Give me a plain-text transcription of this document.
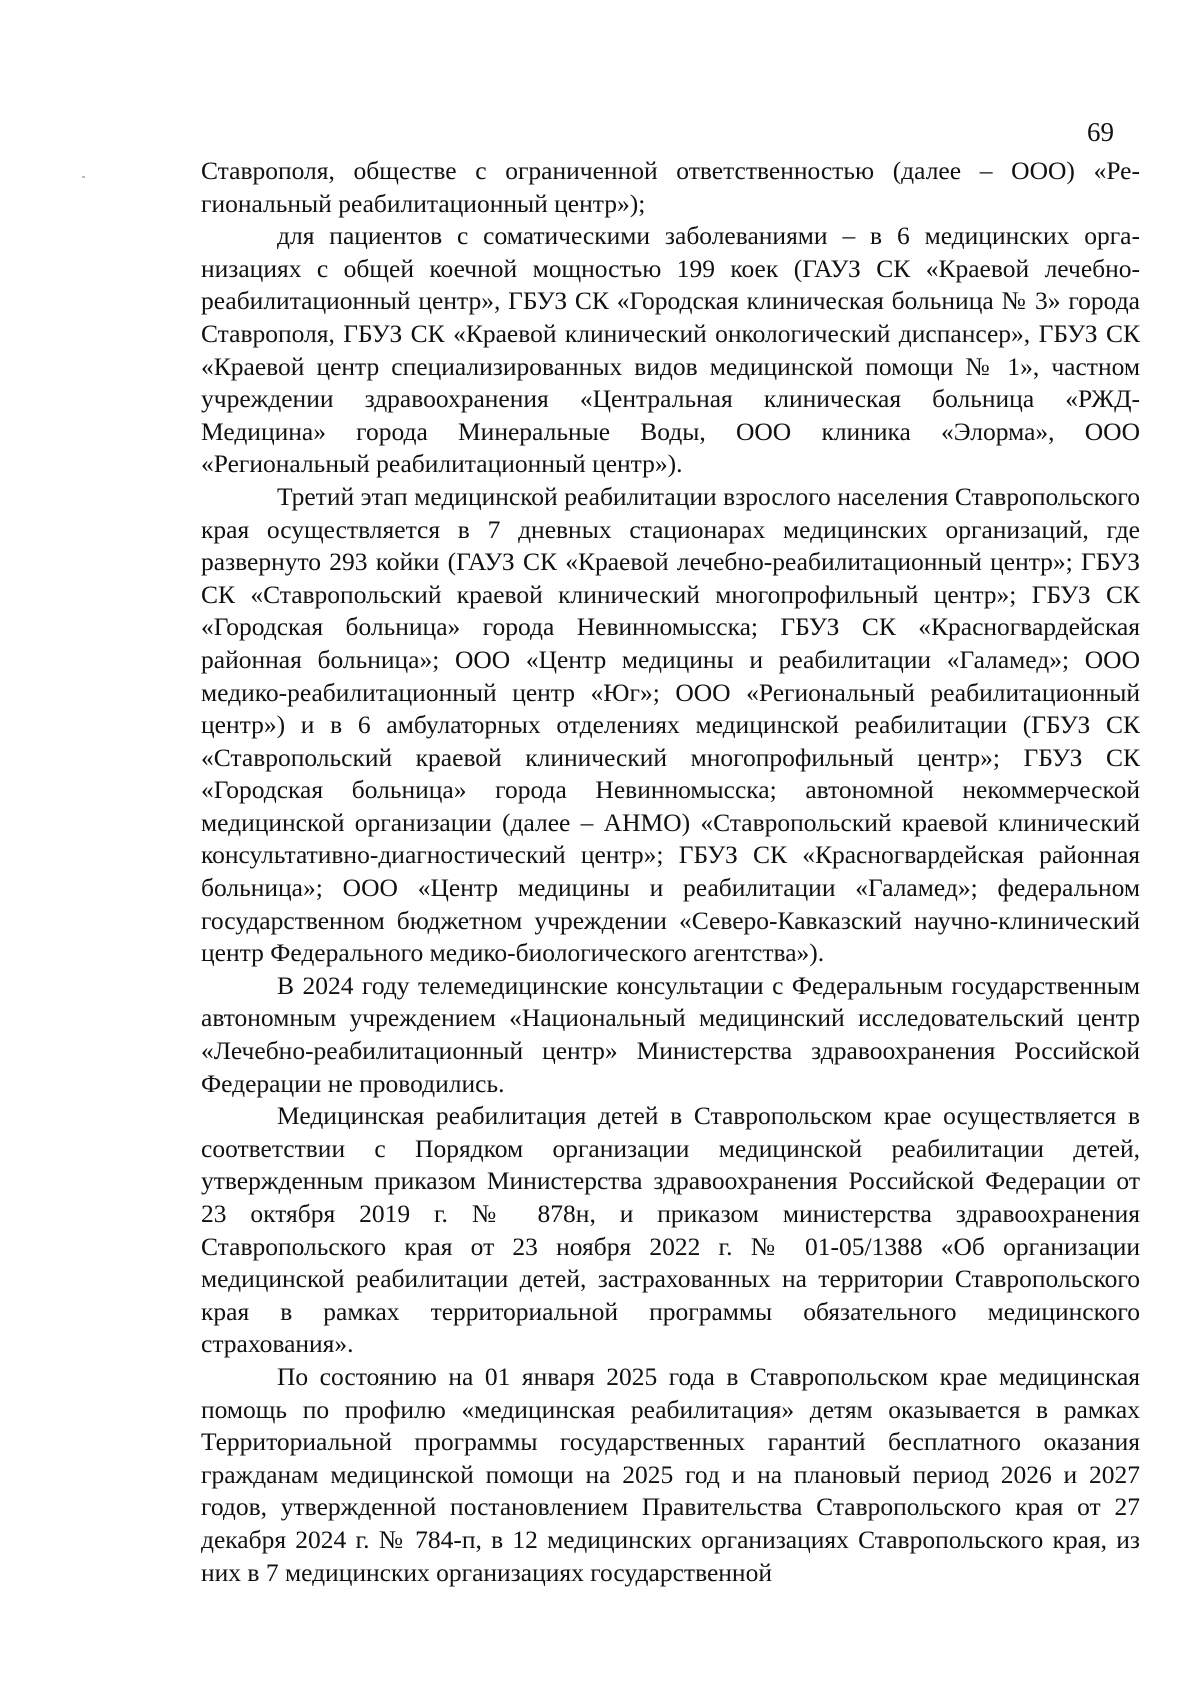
69

Ставрополя, обществе с ограниченной ответственностью (далее – ООО) «Региональный реабилитационный центр»);

для пациентов с соматическими заболеваниями – в 6 медицинских организациях с общей коечной мощностью 199 коек (ГАУЗ СК «Краевой лечебно-реабилитационный центр», ГБУЗ СК «Городская клиническая больница № 3» города Ставрополя, ГБУЗ СК «Краевой клинический онкологический диспансер», ГБУЗ СК «Краевой центр специализированных видов медицинской помощи № 1», частном учреждении здравоохранения «Центральная клиническая больница «РЖД-Медицина» города Минеральные Воды, ООО клиника «Элорма», ООО «Региональный реабилитационный центр»).

Третий этап медицинской реабилитации взрослого населения Ставропольского края осуществляется в 7 дневных стационарах медицинских организаций, где развернуто 293 койки (ГАУЗ СК «Краевой лечебно-реабилитационный центр»; ГБУЗ СК «Ставропольский краевой клинический многопрофильный центр»; ГБУЗ СК «Городская больница» города Невинномысска; ГБУЗ СК «Красногвардейская районная больница»; ООО «Центр медицины и реабилитации «Галамед»; ООО медико-реабилитационный центр «Юг»; ООО «Региональный реабилитационный центр») и в 6 амбулаторных отделениях медицинской реабилитации (ГБУЗ СК «Ставропольский краевой клинический многопрофильный центр»; ГБУЗ СК «Городская больница» города Невинномысска; автономной некоммерческой медицинской организации (далее – АНМО) «Ставропольский краевой клинический консультативно-диагностический центр»; ГБУЗ СК «Красногвардейская районная больница»; ООО «Центр медицины и реабилитации «Галамед»; федеральном государственном бюджетном учреждении «Северо-Кавказский научно-клинический центр Федерального медико-биологического агентства»).

В 2024 году телемедицинские консультации с Федеральным государственным автономным учреждением «Национальный медицинский исследовательский центр «Лечебно-реабилитационный центр» Министерства здравоохранения Российской Федерации не проводились.

Медицинская реабилитация детей в Ставропольском крае осуществляется в соответствии с Порядком организации медицинской реабилитации детей, утвержденным приказом Министерства здравоохранения Российской Федерации от 23 октября 2019 г. № 878н, и приказом министерства здравоохранения Ставропольского края от 23 ноября 2022 г. № 01-05/1388 «Об организации медицинской реабилитации детей, застрахованных на территории Ставропольского края в рамках территориальной программы обязательного медицинского страхования».

По состоянию на 01 января 2025 года в Ставропольском крае медицинская помощь по профилю «медицинская реабилитация» детям оказывается в рамках Территориальной программы государственных гарантий бесплатного оказания гражданам медицинской помощи на 2025 год и на плановый период 2026 и 2027 годов, утвержденной постановлением Правительства Ставропольского края от 27 декабря 2024 г. № 784-п, в 12 медицинских организациях Ставропольского края, из них в 7 медицинских организациях государственной
